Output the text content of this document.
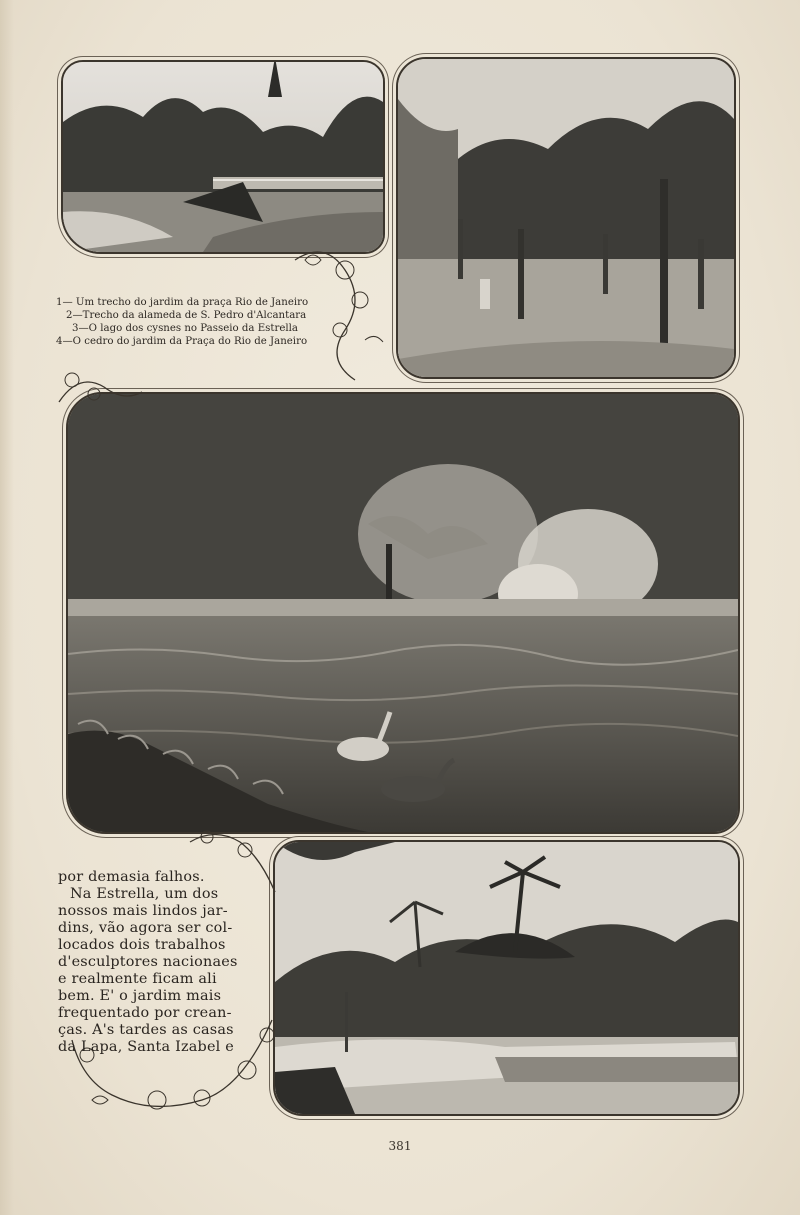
1— Um trecho do jardim da praça Rio de Janeiro
2—Trecho da alameda de S. Pedro d'Alcantara
3—O lago dos cysnes no Passeio da Estrella
4—O cedro do jardim da Praça do Rio de Janeiro
por demasia falhos.
Na Estrella, um dos
nossos mais lindos jar-
dins, vão agora ser col-
locados dois trabalhos
d'esculptores nacionaes
e realmente ficam ali
bem. E' o jardim mais
frequentado por crean-
ças. A's tardes as casas
da Lapa, Santa Izabel e
381
